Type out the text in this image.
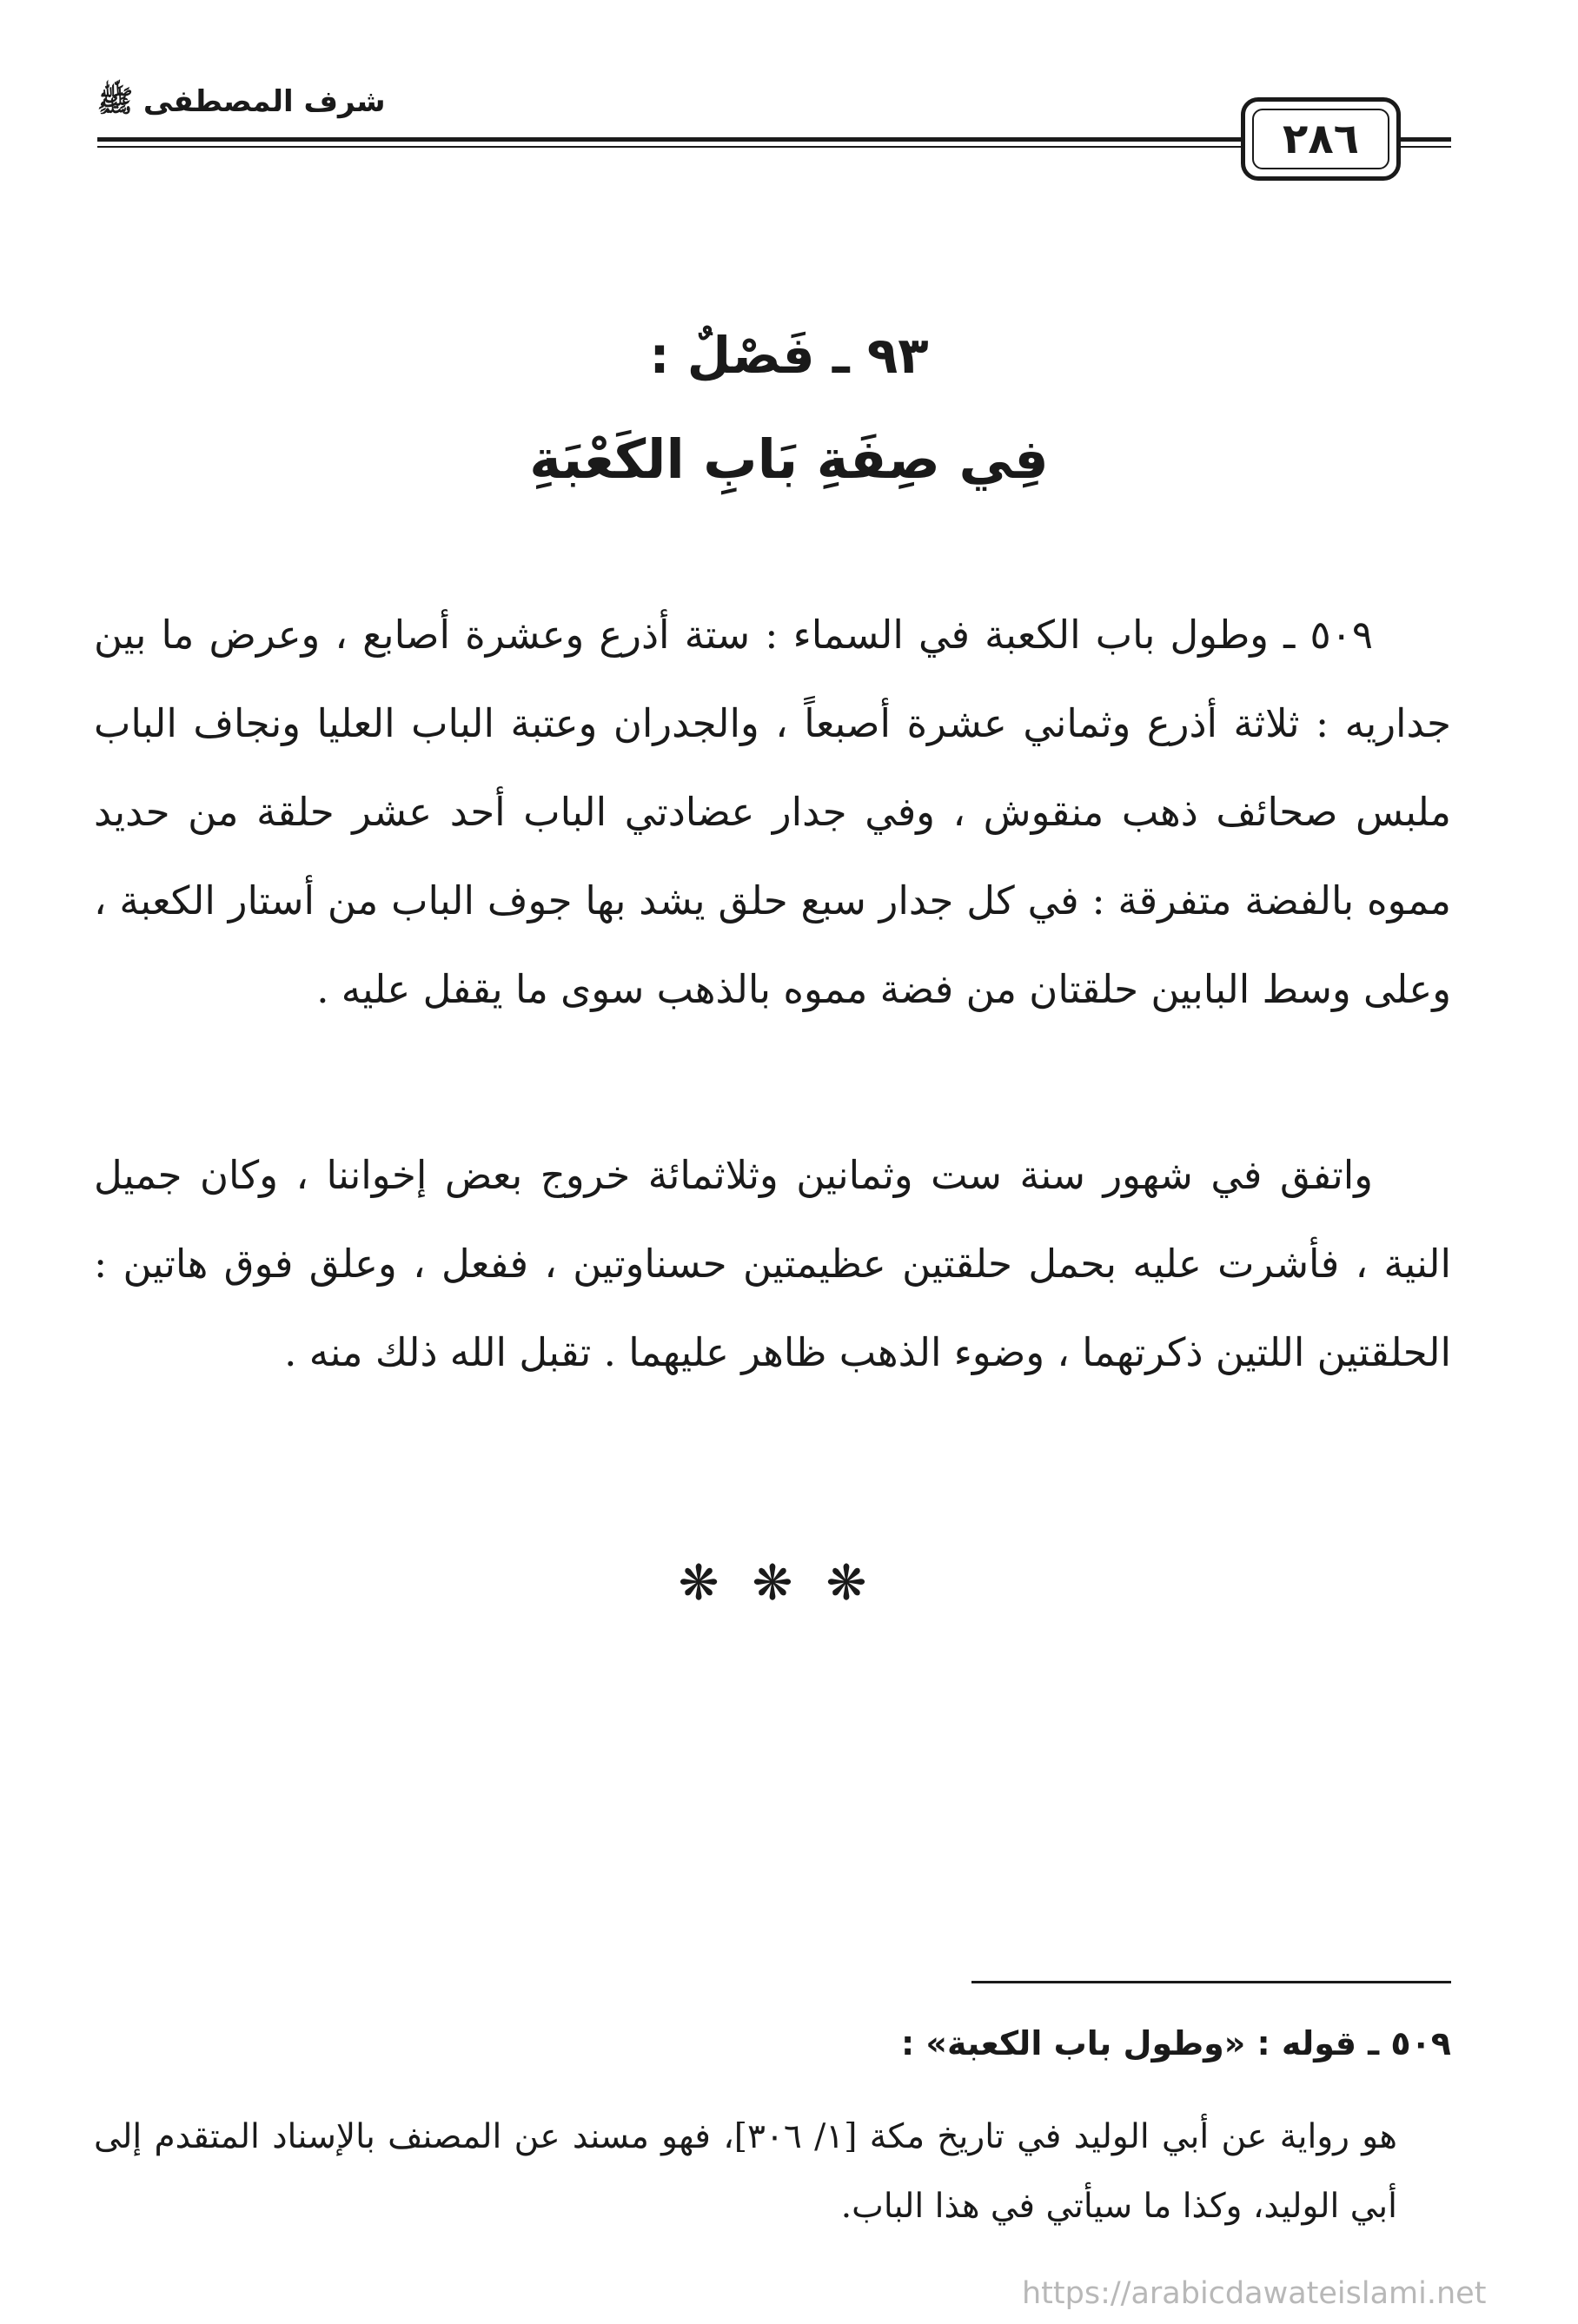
شرف المصطفى ﷺ
٢٨٦
٩٣ ـ فَصْلٌ :
فِي صِفَةِ بَابِ الكَعْبَةِ
٥٠٩ ـ وطول باب الكعبة في السماء : ستة أذرع وعشرة أصابع ، وعرض ما بين جداريه : ثلاثة أذرع وثماني عشرة أصبعاً ، والجدران وعتبة الباب العليا ونجاف الباب ملبس صحائف ذهب منقوش ، وفي جدار عضادتي الباب أحد عشر حلقة من حديد مموه بالفضة متفرقة : في كل جدار سبع حلق يشد بها جوف الباب من أستار الكعبة ، وعلى وسط البابين حلقتان من فضة مموه بالذهب سوى ما يقفل عليه .
واتفق في شهور سنة ست وثمانين وثلاثمائة خروج بعض إخواننا ، وكان جميل النية ، فأشرت عليه بحمل حلقتين عظيمتين حسناوتين ، ففعل ، وعلق فوق هاتين : الحلقتين اللتين ذكرتهما ، وضوء الذهب ظاهر عليهما . تقبل الله ذلك منه .
❋❋❋
٥٠٩ ـ قوله : «وطول باب الكعبة» :
هو رواية عن أبي الوليد في تاريخ مكة [١/ ٣٠٦]، فهو مسند عن المصنف بالإسناد المتقدم إلى أبي الوليد، وكذا ما سيأتي في هذا الباب.
https://arabicdawateislami.net
